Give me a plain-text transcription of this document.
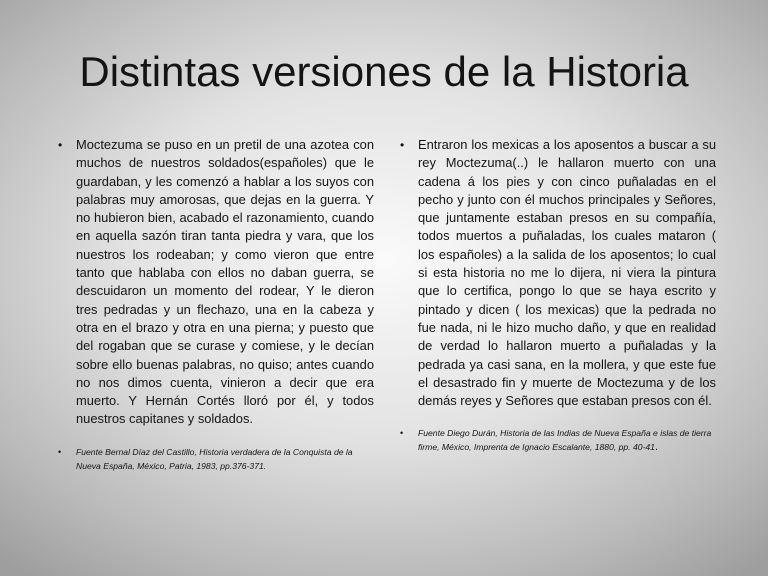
Distintas versiones de la Historia
• Moctezuma se puso en un pretil de una azotea con muchos de nuestros soldados(españoles) que le guardaban, y les comenzó a hablar a los suyos con palabras muy amorosas, que dejas en la guerra. Y no hubieron bien, acabado el razonamiento, cuando en aquella sazón tiran tanta piedra y vara, que los nuestros los rodeaban; y como vieron que entre tanto que hablaba con ellos no daban guerra, se descuidaron un momento del rodear, Y le dieron tres pedradas y un flechazo, una en la cabeza y otra en el brazo y otra en una pierna; y puesto que del rogaban que se curase y comiese, y le decían sobre ello buenas palabras, no quiso; antes cuando no nos dimos cuenta, vinieron a decir que era muerto. Y Hernán Cortés lloró por él, y todos nuestros capitanes y soldados.
• Fuente Bernal Díaz del Castillo, Historia verdadera de la Conquista de la Nueva España, México, Patria, 1983, pp.376-371.
• Entraron los mexicas a los aposentos a buscar a su rey Moctezuma(..) le hallaron muerto con una cadena á los pies y con cinco puñaladas en el pecho y junto con él muchos principales y Señores, que juntamente estaban presos en su compañía, todos muertos a puñaladas, los cuales mataron ( los españoles) a la salida de los aposentos; lo cual si esta historia no me lo dijera, ni viera la pintura que lo certifica, pongo lo que se haya escrito y pintado y dicen ( los mexicas) que la pedrada no fue nada, ni le hizo mucho daño, y que en realidad de verdad lo hallaron muerto a puñaladas y la pedrada ya casi sana, en la mollera, y que este fue el desastrado fin y muerte de Moctezuma y de los demás reyes y Señores que estaban presos con él.
• Fuente Diego Durán, Historia de las Indias de Nueva España e islas de tierra firme, México, Imprenta de Ignacio Escalante, 1880, pp. 40-41.
